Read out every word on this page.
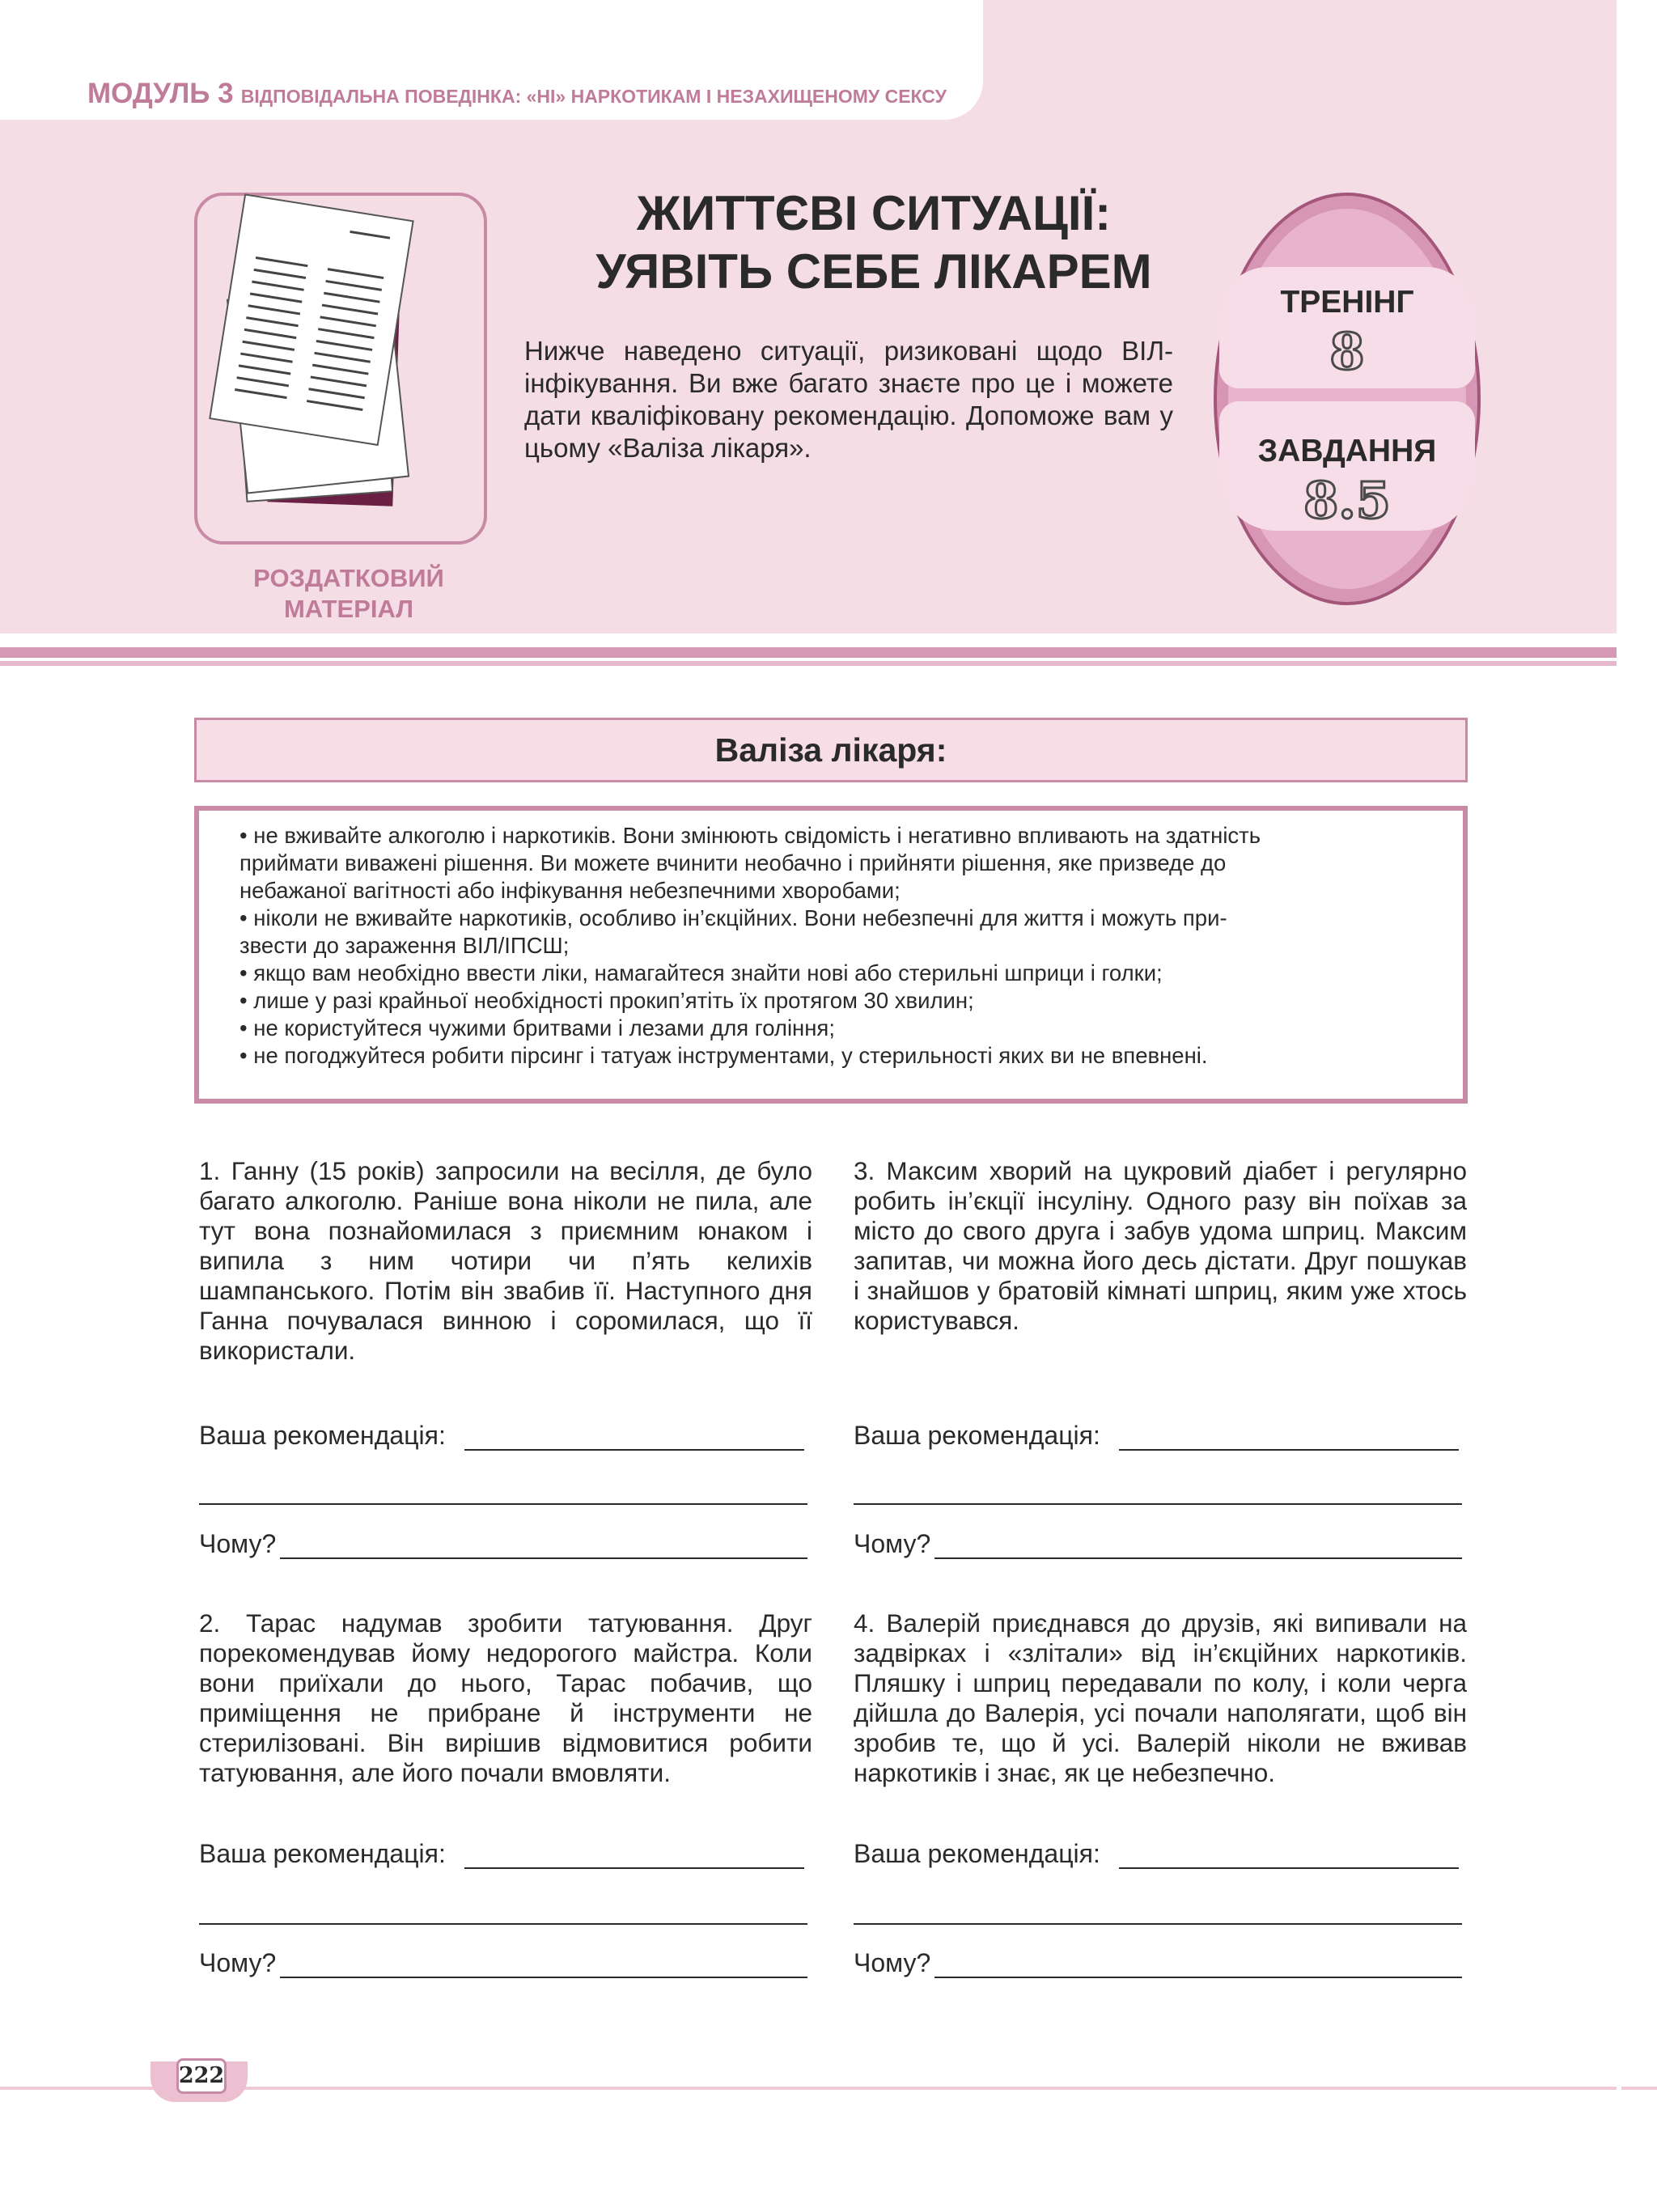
МОДУЛЬ 3 ВІДПОВІДАЛЬНА ПОВЕДІНКА: «НІ» НАРКОТИКАМ І НЕЗАХИЩЕНОМУ СЕКСУ
РОЗДАТКОВИЙ
МАТЕРІАЛ
ЖИТТЄВІ СИТУАЦІЇ:
УЯВІТЬ СЕБЕ ЛІКАРЕМ
Нижче наведено ситуації, ризиковані щодо ВІЛ-інфікування. Ви вже багато знаєте про це і можете дати кваліфіковану рекомендацію. Допоможе вам у цьому «Валіза лікаря».
ТРЕНІНГ
8
ЗАВДАННЯ
8.5
Валіза лікаря:

• не вживайте алкоголю і наркотиків. Вони змінюють свідомість і негативно впливають на здатність

приймати виважені рішення. Ви можете вчинити необачно і прийняти рішення, яке призведе до

небажаної вагітності або інфікування небезпечними хворобами;

• ніколи не вживайте наркотиків, особливо ін’єкційних. Вони небезпечні для життя і можуть при-

звести до зараження ВІЛ/ІПСШ;

• якщо вам необхідно ввести ліки, намагайтеся знайти нові або стерильні шприци і голки;

• лише у разі крайньої необхідності прокип’ятіть їх протягом 30 хвилин;

• не користуйтеся чужими бритвами і лезами для гоління;

• не погоджуйтеся робити пірсинг і татуаж інструментами, у стерильності яких ви не впевнені.

1. Ганну (15 років) запросили на весілля, де було багато алкоголю. Раніше вона ніколи не пила, але тут вона познайомилася з приємним юнаком і випила з ним чотири чи п’ять келихів шампанського. Потім він звабив її. Наступного дня Ганна почувалася винною і соромилася, що її використали.
Ваша рекомендація:
Чому?
2. Тарас надумав зробити татуювання. Друг порекомендував йому недорогого майстра. Коли вони приїхали до нього, Тарас побачив, що приміщення не прибране й інструменти не стерилізовані. Він вирішив відмовитися робити татуювання, але його почали вмовляти.
Ваша рекомендація:
Чому?
3. Максим хворий на цукровий діабет і регулярно робить ін’єкції інсуліну. Одного разу він поїхав за місто до свого друга і забув удома шприц. Максим запитав, чи можна його десь дістати. Друг пошукав і знайшов у братовій кімнаті шприц, яким уже хтось користувався.
Ваша рекомендація:
Чому?
4. Валерій приєднався до друзів, які випивали на задвірках і «злітали» від ін’єкційних наркотиків. Пляшку і шприц передавали по колу, і коли черга дійшла до Валерія, усі почали наполягати, щоб він зробив те, що й усі. Валерій ніколи не вживав наркотиків і знає, як це небезпечно.
Ваша рекомендація:
Чому?
222
